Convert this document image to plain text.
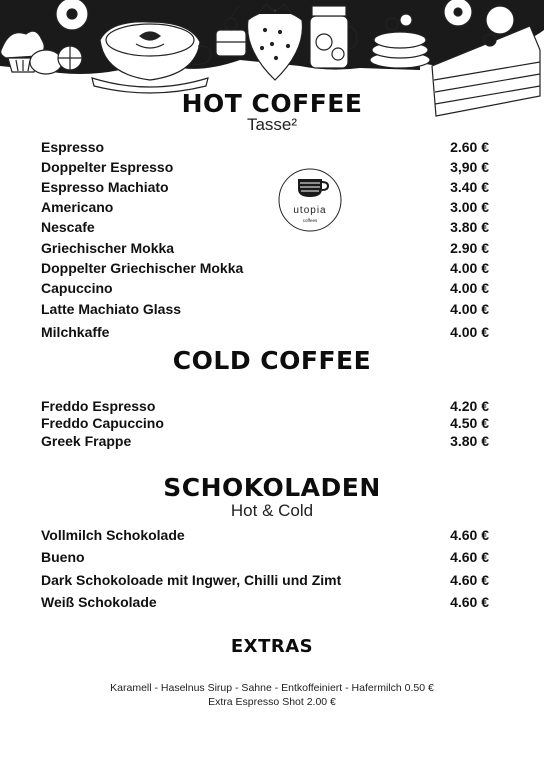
HOT COFFEE
Tasse²
Espresso	2.60 €
Doppelter Espresso	3,90 €
Espresso Machiato	3.40 €
Americano	3.00 €
Nescafe	3.80 €
Griechischer Mokka	2.90 €
Doppelter Griechischer Mokka	4.00 €
Capuccino	4.00 €
Latte Machiato Glass	4.00 €
Milchkaffe	4.00 €
utopia
coffees
COLD COFFEE
Freddo Espresso	4.20 €
Freddo Capuccino	4.50 €
Greek Frappe	3.80 €
SCHOKOLADEN
Hot & Cold
Vollmilch Schokolade	4.60 €
Bueno	4.60 €
Dark Schokoloade mit Ingwer, Chilli und Zimt	4.60 €
Weiß Schokolade	4.60 €
EXTRAS
Karamell - Haselnus Sirup - Sahne - Entkoffeiniert - Hafermilch 0.50 €
Extra Espresso Shot 2.00 €
